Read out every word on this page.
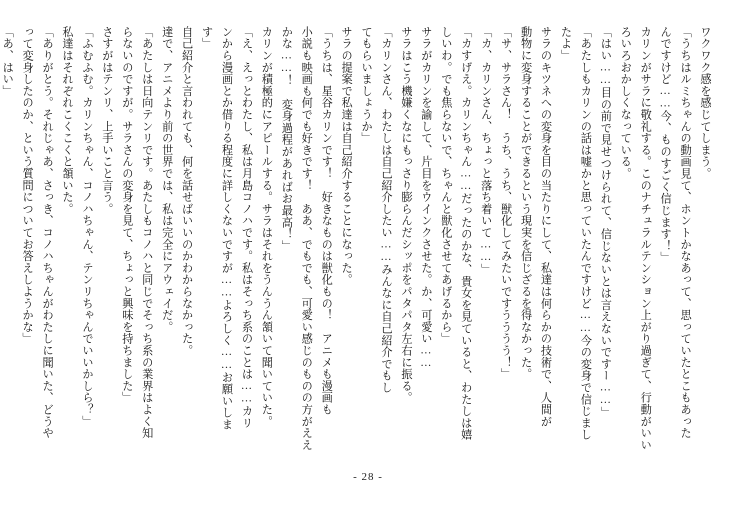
ワクワク感を感じてしまう。

「うちはルミちゃんの動画見て、ホントかなあって、思っていたとこもあった

んですけど……今、ものすごく信じます！」

カリンがサラに敬礼する。このナチュラルテンション上がり過ぎて、行動がいい

ろいろおかしくなっている。

「はい……目の前で見せつけられて、信じないとは言えないですー……」

「あたしもカリンの話は嘘かと思っていたんですけど……今の変身で信じまし

たよ」

サラのキツネへの変身を目の当たりにして、私達は何らかの技術で、人間が

動物に変身することができるという現実を信じざるを得なかった。

「サ、サラさん！　うち、うち、獣化してみたいですうううう！」

「カ、カリンさん、ちょっと落ち着いて……」

「カすげえ。カリンちゃん……だったのかな、貴女を見ていると、わたしは嬉

しいわ。でも焦らないで、ちゃんと獣化させてあげるから」

サラがカリンを諭して、片目をウインクさせた。か、可愛い……

サラはこう機嫌くなにもっさり膨らんだシッポをパタパタ左右に振る。

「カリンさん、わたしは自己紹介したい……みんなに自己紹介でもし

てもらいましょうか」

サラの提案で私達は自己紹介することになった。

「うちは、星谷カリンです！　好きなものは獣化もの！　アニメも漫画も

小説も映画も何でも好きです！　ああ、でもでも、可愛い感じのものの方がええ

かな……！　変身過程があればお最高！」

カリンが積極的にアピールする。サラはそれをうんうん頷いて聞いていた。

「え、えっとわたし、私は月島コノハです。私はそっち系のことは……カリ

ンから漫画とか借りる程度に詳しくないですが……よろしく……お願いしま

す」

自己紹介と言われても、何を話せばいいのかわからなかった。

達で、アニメより前の世界では、私は完全にアウェイだ。

「あたしは日向テンリです。あたしもコノハと同じでそっち系の業界はよく知

らないのですが。サラさんの変身を見て、ちょっと興味を持ちました」

さすがはテンリ、上手いこと言う。

「ふむふむ。カリンちゃん、コノハちゃん、テンリちゃんでいいかしら？」

私達はそれぞれこくこくと頷いた。

「ありがとう。それじゃあ、さっき、コノハちゃんがわたしに聞いた、どうや

って変身したのか、という質問についてお答えしようかな」

「あ、はい」

- 28 -
